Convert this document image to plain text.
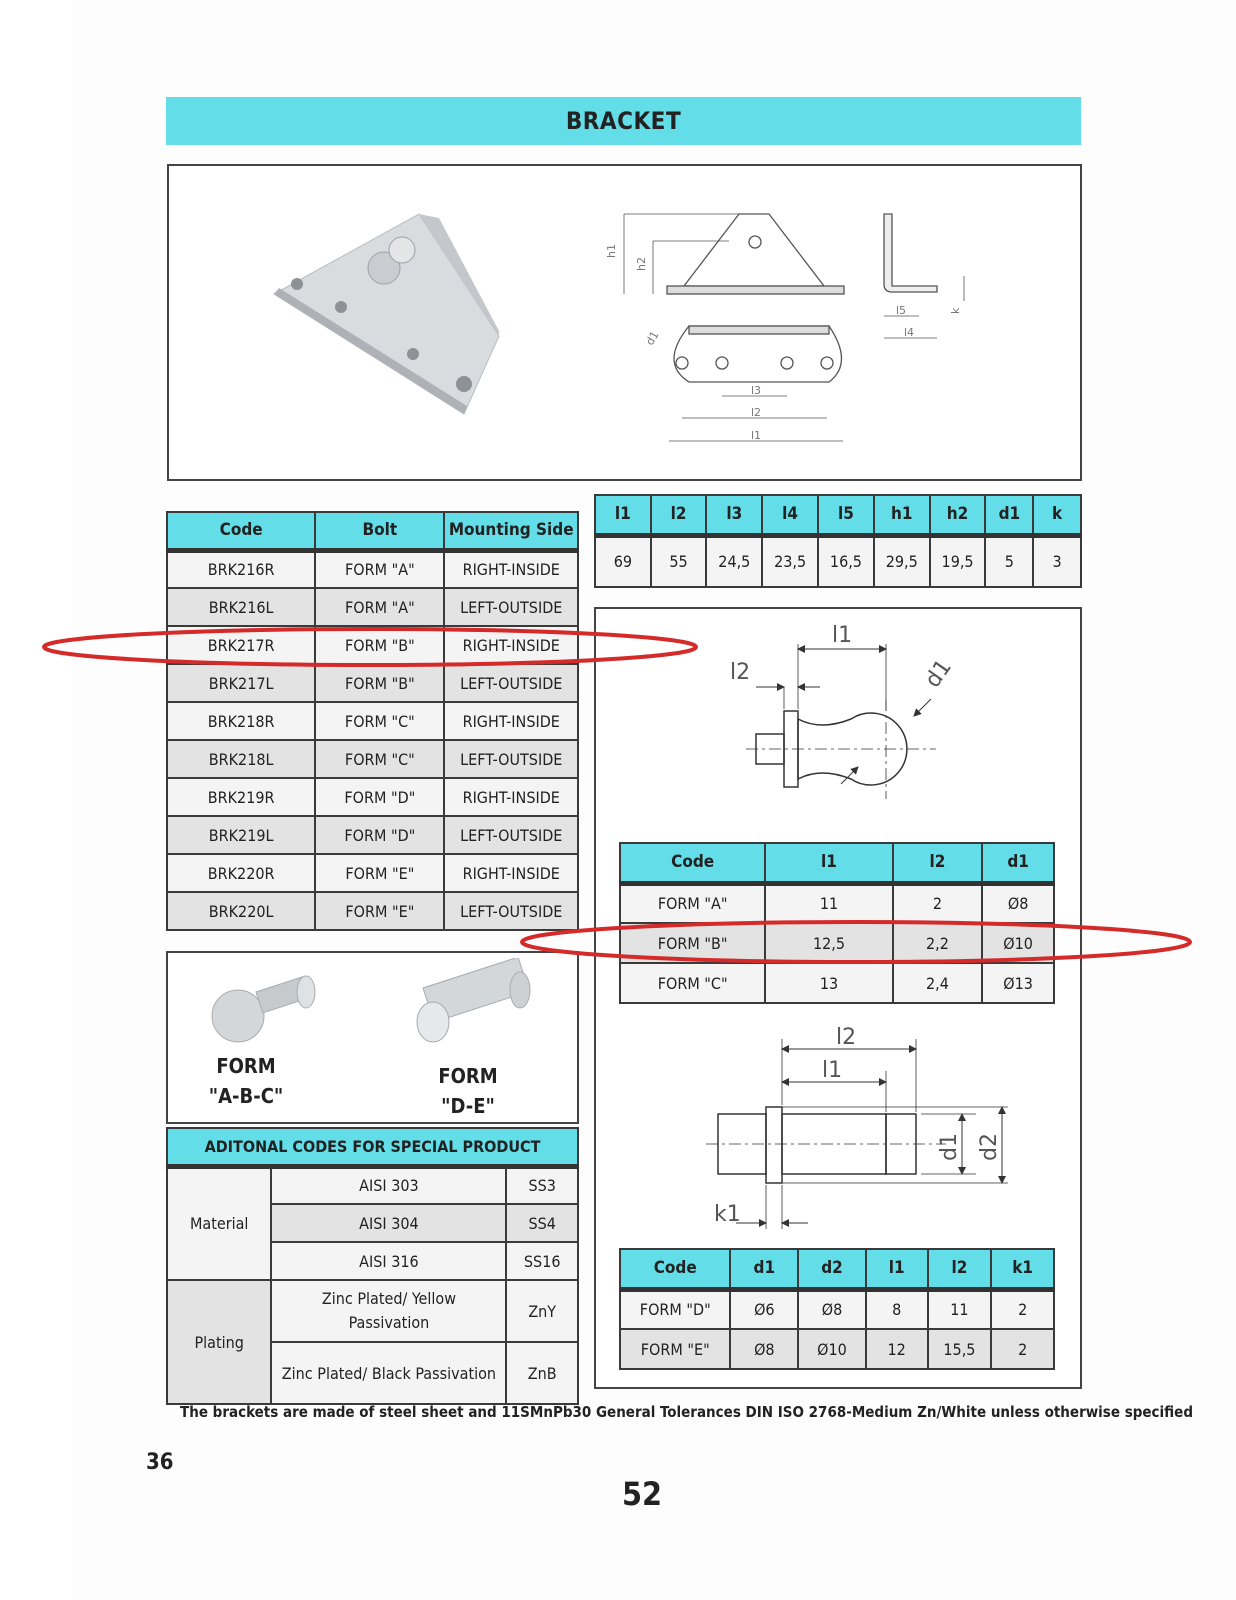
BRACKET
h1
h2
d1
l3
l2
l1
l5
l4
k
Code	Bolt	Mounting Side
BRK216R	FORM "A"	RIGHT-INSIDE
BRK216L	FORM "A"	LEFT-OUTSIDE
BRK217R	FORM "B"	RIGHT-INSIDE
BRK217L	FORM "B"	LEFT-OUTSIDE
BRK218R	FORM "C"	RIGHT-INSIDE
BRK218L	FORM "C"	LEFT-OUTSIDE
BRK219R	FORM "D"	RIGHT-INSIDE
BRK219L	FORM "D"	LEFT-OUTSIDE
BRK220R	FORM "E"	RIGHT-INSIDE
BRK220L	FORM "E"	LEFT-OUTSIDE
l1	l2	l3	l4	l5	h1	h2	d1	k
69	55	24,5	23,5	16,5	29,5	19,5	5	3
FORM
"A-B-C"
FORM
"D-E"
ADITONAL CODES FOR SPECIAL PRODUCT		
Material	AISI 303	SS3
	AISI 304	SS4
	AISI 316	SS16
Plating	Zinc Plated/ Yellow Passivation	ZnY
	Zinc Plated/ Black Passivation	ZnB
l1
l2	d1
l2
l1
d1 d2
k1
Code	l1	l2	d1
FORM "A"	11	2	Ø8
FORM "B"	12,5	2,2	Ø10
FORM "C"	13	2,4	Ø13
Code	d1	d2	l1	l2	k1
FORM "D"	Ø6	Ø8	8	11	2
FORM "E"	Ø8	Ø10	12	15,5	2
The brackets are made of steel sheet and 11SMnPb30 General Tolerances DIN ISO 2768-Medium Zn/White unless otherwise specified
36
52
